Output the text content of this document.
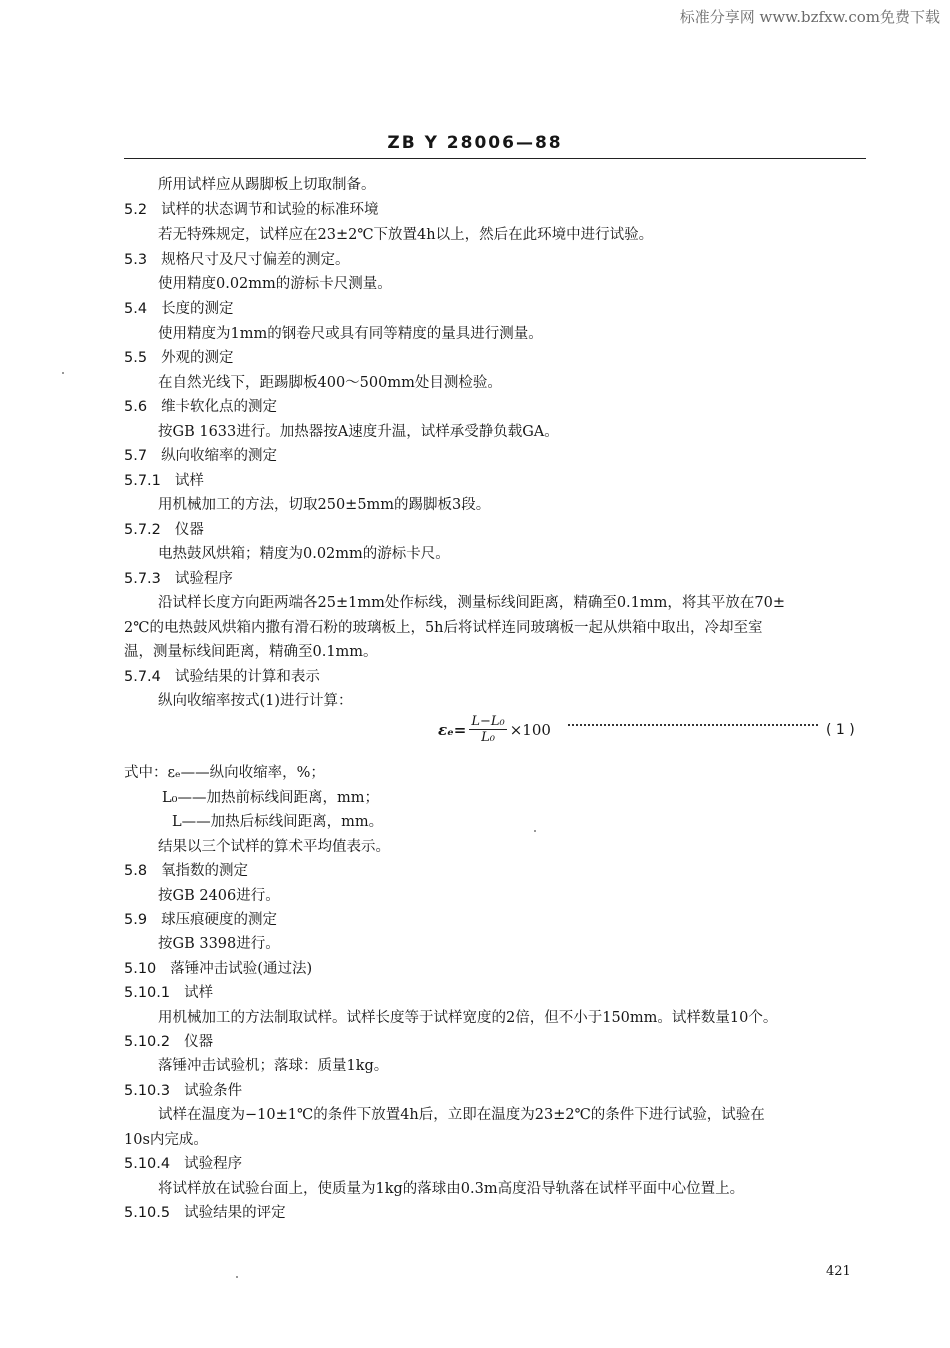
标准分享网 www.bzfxw.com免费下载
ZB Y 28006—88
所用试样应从踢脚板上切取制备。
5.2 试样的状态调节和试验的标准环境
若无特殊规定，试样应在23±2℃下放置4h以上，然后在此环境中进行试验。
5.3 规格尺寸及尺寸偏差的测定。
使用精度0.02mm的游标卡尺测量。
5.4 长度的测定
使用精度为1mm的钢卷尺或具有同等精度的量具进行测量。
5.5 外观的测定
在自然光线下，距踢脚板400～500mm处目测检验。
5.6 维卡软化点的测定
按GB 1633进行。加热器按A速度升温，试样承受静负载GA。
5.7 纵向收缩率的测定
5.7.1 试样
用机械加工的方法，切取250±5mm的踢脚板3段。
5.7.2 仪器
电热鼓风烘箱；精度为0.02mm的游标卡尺。
5.7.3 试验程序
沿试样长度方向距两端各25±1mm处作标线，测量标线间距离，精确至0.1mm，将其平放在70±
2℃的电热鼓风烘箱内撒有滑石粉的玻璃板上，5h后将试样连同玻璃板一起从烘箱中取出，冷却至室
温，测量标线间距离，精确至0.1mm。
5.7.4 试验结果的计算和表示
纵向收缩率按式(1)进行计算：
$\varepsilon_e= \frac{\text{L−L₀}}{\text{L₀}} \times 100$	( 1 )
式中：εₑ——纵向收缩率，%；
L₀——加热前标线间距离，mm；
L——加热后标线间距离，mm。
结果以三个试样的算术平均值表示。
5.8 氧指数的测定
按GB 2406进行。
5.9 球压痕硬度的测定
按GB 3398进行。
5.10 落锤冲击试验(通过法)
5.10.1 试样
用机械加工的方法制取试样。试样长度等于试样宽度的2倍，但不小于150mm。试样数量10个。
5.10.2 仪器
落锤冲击试验机；落球：质量1kg。
5.10.3 试验条件
试样在温度为−10±1℃的条件下放置4h后，立即在温度为23±2℃的条件下进行试验，试验在
10s内完成。
5.10.4 试验程序
将试样放在试验台面上，使质量为1kg的落球由0.3m高度沿导轨落在试样平面中心位置上。
5.10.5 试验结果的评定
421
